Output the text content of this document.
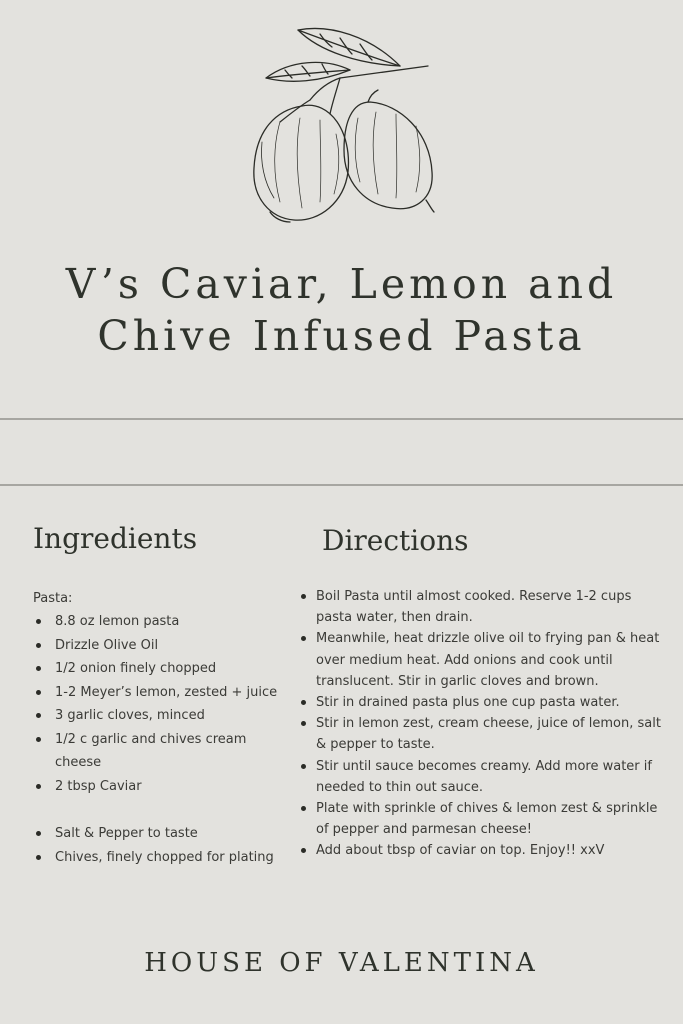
V’s Caviar, Lemon and
Chive Infused Pasta
Ingredients	Directions
Pasta:
8.8 oz lemon pasta
Drizzle Olive Oil
1/2 onion finely chopped
1-2 Meyer’s lemon, zested + juice
3 garlic cloves, minced
1/2 c garlic and chives cream cheese
2 tbsp Caviar
Salt & Pepper to taste
Chives, finely chopped for plating
Boil Pasta until almost cooked. Reserve 1-2 cups pasta water, then drain.
Meanwhile, heat drizzle olive oil to frying pan & heat over medium heat. Add onions and cook until translucent. Stir in garlic cloves and brown.
Stir in drained pasta plus one cup pasta water.
Stir in lemon zest, cream cheese, juice of lemon, salt & pepper to taste.
Stir until sauce becomes creamy. Add more water if needed to thin out sauce.
Plate with sprinkle of chives & lemon zest & sprinkle of pepper and parmesan cheese!
Add about tbsp of caviar on top. Enjoy!! xxV
HOUSE OF VALENTINA
